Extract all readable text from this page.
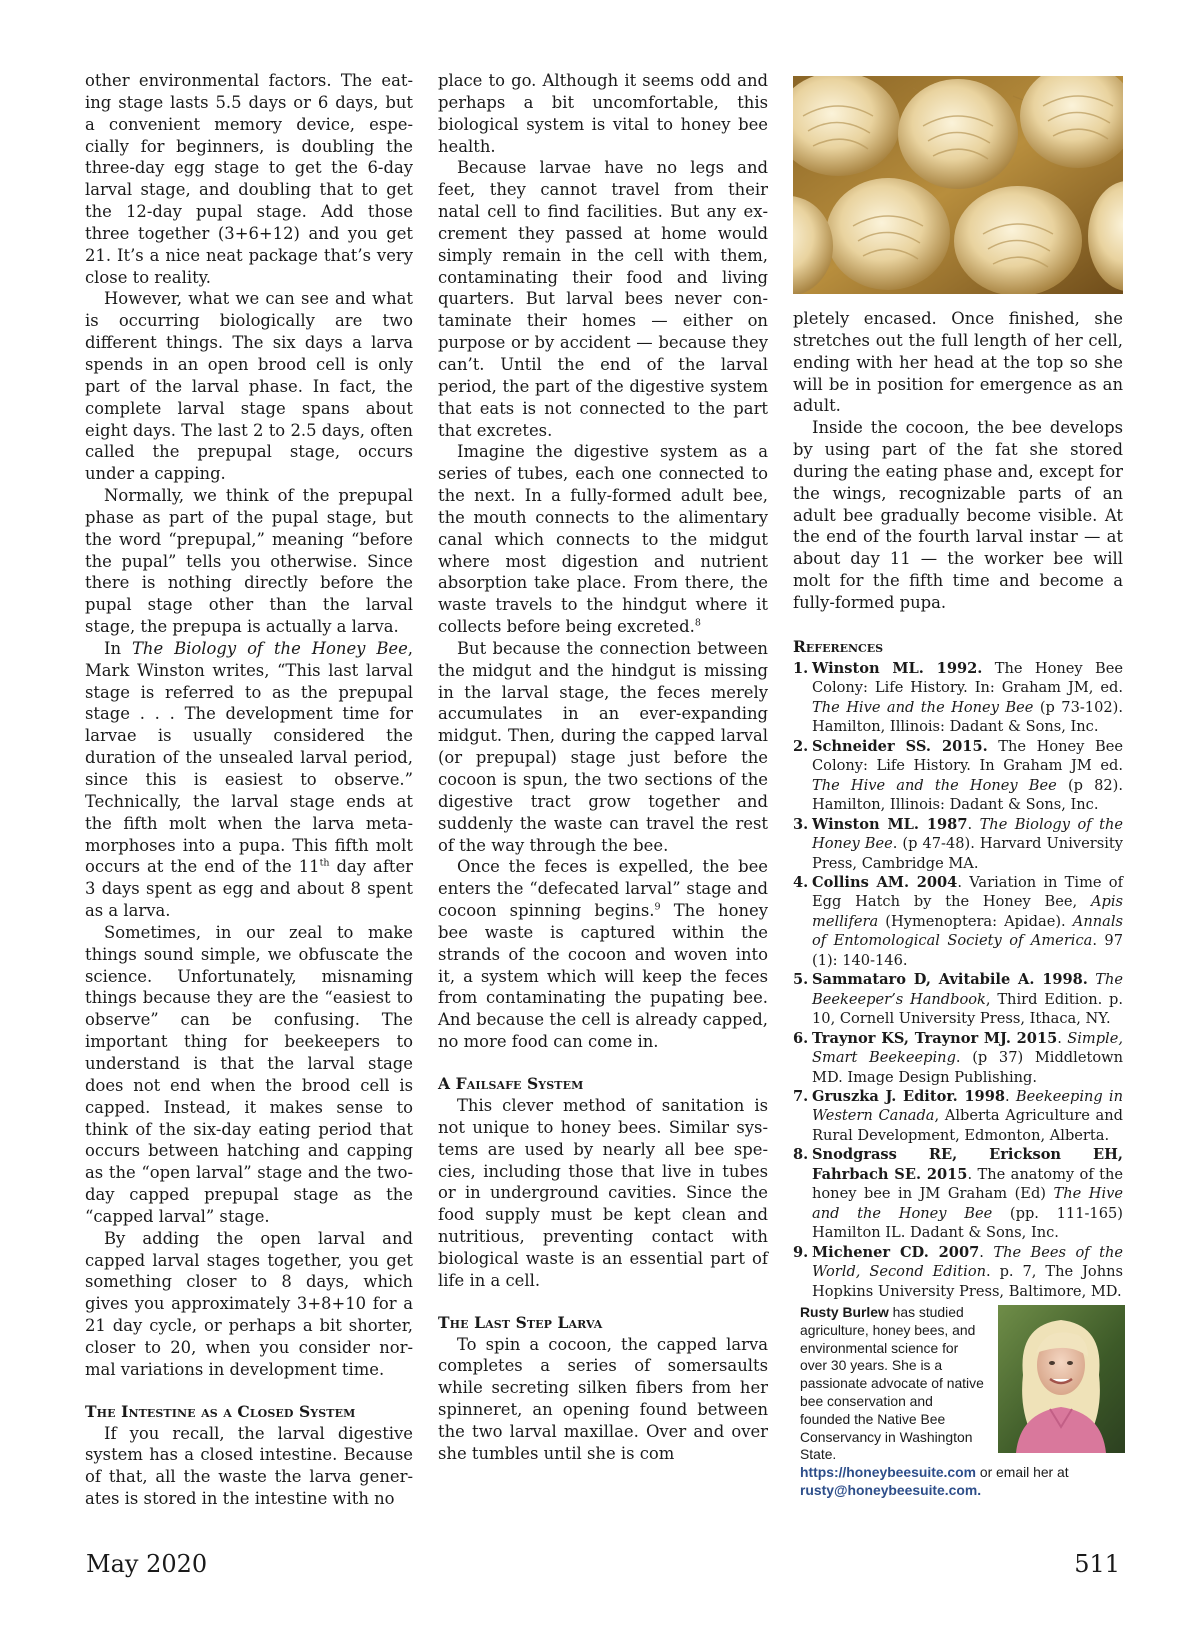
other environmental factors. The eating stage lasts 5.5 days or 6 days, but a convenient memory device, especially for beginners, is doubling the three-day egg stage to get the 6-day larval stage, and doubling that to get the 12-day pupal stage. Add those three together (3+6+12) and you get 21. It’s a nice neat package that’s very close to reality.

However, what we can see and what is occurring biologically are two different things. The six days a larva spends in an open brood cell is only part of the larval phase. In fact, the complete larval stage spans about eight days. The last 2 to 2.5 days, often called the prepupal stage, occurs under a capping.

Normally, we think of the prepupal phase as part of the pupal stage, but the word “prepupal,” meaning “before the pupal” tells you otherwise. Since there is nothing directly before the pupal stage other than the larval stage, the prepupa is actually a larva.

In The Biology of the Honey Bee, Mark Winston writes, “This last larval stage is referred to as the prepupal stage . . . The development time for larvae is usually considered the duration of the unsealed larval period, since this is easiest to observe.” Technically, the larval stage ends at the fifth molt when the larva metamorphoses into a pupa. This fifth molt occurs at the end of the 11th day after 3 days spent as egg and about 8 spent as a larva.

Sometimes, in our zeal to make things sound simple, we obfuscate the science. Unfortunately, misnaming things because they are the “easiest to observe” can be confusing. The important thing for beekeepers to understand is that the larval stage does not end when the brood cell is capped. Instead, it makes sense to think of the six-day eating period that occurs between hatching and capping as the “open larval” stage and the two-day capped prepupal stage as the “capped larval” stage.

By adding the open larval and capped larval stages together, you get something closer to 8 days, which gives you approximately 3+8+10 for a 21 day cycle, or perhaps a bit shorter, closer to 20, when you consider normal variations in development time.

The Intestine as a Closed System

If you recall, the larval digestive system has a closed intestine. Because of that, all the waste the larva generates is stored in the intestine with no

place to go. Although it seems odd and perhaps a bit uncomfortable, this biological system is vital to honey bee health.

Because larvae have no legs and feet, they cannot travel from their natal cell to find facilities. But any excrement they passed at home would simply remain in the cell with them, contaminating their food and living quarters. But larval bees never contaminate their homes — either on purpose or by accident — because they can’t. Until the end of the larval period, the part of the digestive system that eats is not connected to the part that excretes.

Imagine the digestive system as a series of tubes, each one connected to the next. In a fully-formed adult bee, the mouth connects to the alimentary canal which connects to the midgut where most digestion and nutrient absorption take place. From there, the waste travels to the hindgut where it collects before being excreted.$^8$

But because the connection between the midgut and the hindgut is missing in the larval stage, the feces merely accumulates in an ever-expanding midgut. Then, during the capped larval (or prepupal) stage just before the cocoon is spun, the two sections of the digestive tract grow together and suddenly the waste can travel the rest of the way through the bee.

Once the feces is expelled, the bee enters the “defecated larval” stage and cocoon spinning begins.$^9$ The honey bee waste is captured within the strands of the cocoon and woven into it, a system which will keep the feces from contaminating the pupating bee. And because the cell is already capped, no more food can come in.

A Failsafe System

This clever method of sanitation is not unique to honey bees. Similar systems are used by nearly all bee species, including those that live in tubes or in underground cavities. Since the food supply must be kept clean and nutritious, preventing contact with biological waste is an essential part of life in a cell.

The Last Step Larva

To spin a cocoon, the capped larva completes a series of somersaults while secreting silken fibers from her spinneret, an opening found between the two larval maxillae. Over and over she tumbles until she is com

pletely encased. Once finished, she stretches out the full length of her cell, ending with her head at the top so she will be in position for emergence as an adult.

Inside the cocoon, the bee develops by using part of the fat she stored during the eating phase and, except for the wings, recognizable parts of an adult bee gradually become visible. At the end of the fourth larval instar — at about day 11 — the worker bee will molt for the fifth time and become a fully-formed pupa.

References
1. Winston ML. 1992. The Honey Bee Colony: Life History. In: Graham JM, ed. The Hive and the Honey Bee (p 73-102). Hamilton, Illinois: Dadant & Sons, Inc.
2. Schneider SS. 2015. The Honey Bee Colony: Life History. In Graham JM ed. The Hive and the Honey Bee (p 82). Hamilton, Illinois: Dadant & Sons, Inc.
3. Winston ML. 1987. The Biology of the Honey Bee. (p 47-48). Harvard University Press, Cambridge MA.
4. Collins AM. 2004. Variation in Time of Egg Hatch by the Honey Bee, Apis mellifera (Hymenoptera: Apidae). Annals of Entomological Society of America. 97 (1): 140-146.
5. Sammataro D, Avitabile A. 1998. The Beekeeper’s Handbook, Third Edition. p. 10, Cornell University Press, Ithaca, NY.
6. Traynor KS, Traynor MJ. 2015. Simple, Smart Beekeeping. (p 37) Middletown MD. Image Design Publishing.
7. Gruszka J. Editor. 1998. Beekeeping in Western Canada, Alberta Agriculture and Rural Development, Edmonton, Alberta.
8. Snodgrass RE, Erickson EH, Fahrbach SE. 2015. The anatomy of the honey bee in JM Graham (Ed) The Hive and the Honey Bee (pp. 111-165) Hamilton IL. Dadant & Sons, Inc.
9. Michener CD. 2007. The Bees of the World, Second Edition. p. 7, The Johns Hopkins University Press, Baltimore, MD.
Rusty Burlew has studied agriculture, honey bees, and environmental science for over 30 years. She is a passionate advocate of native bee conservation and founded the Native Bee Conservancy in Washington State. https://honeybeesuite.com or email her at rusty@honeybeesuite.com.
May 2020	511
